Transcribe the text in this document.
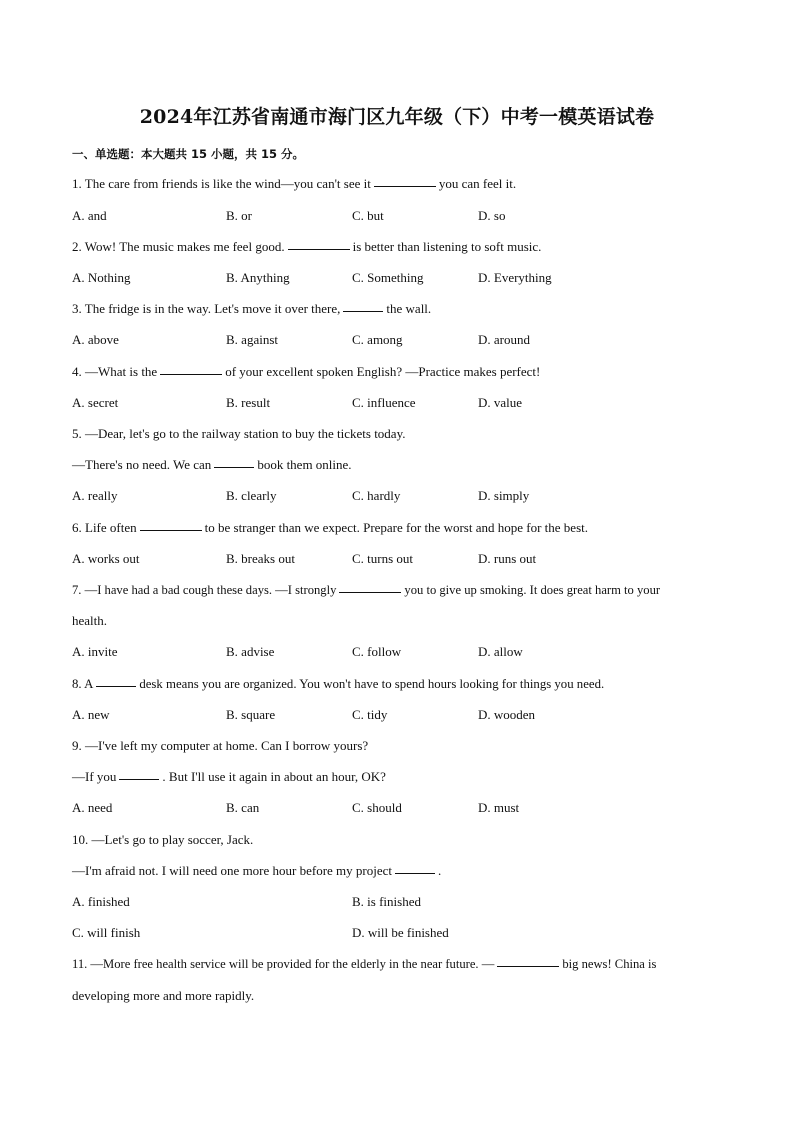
2024年江苏省南通市海门区九年级（下）中考一模英语试卷
一、单选题：本大题共 15 小题，共 15 分。
1. The care from friends is like the wind—you can't see it	you can feel it.
A. and	B. or	C. but	D. so
2. Wow! The music makes me feel good.	is better than listening to soft music.
A. Nothing	B. Anything	C. Something	D. Everything
3. The fridge is in the way. Let's move it over there,	the wall.
A. above	B. against	C. among	D. around
4. —What is the	of your excellent spoken English? —Practice makes perfect!
A. secret	B. result	C. influence	D. value
5. —Dear, let's go to the railway station to buy the tickets today.
—There's no need. We can	book them online.
A. really	B. clearly	C. hardly	D. simply
6. Life often	to be stranger than we expect. Prepare for the worst and hope for the best.
A. works out	B. breaks out	C. turns out	D. runs out
7. —I have had a bad cough these days. —I strongly	you to give up smoking. It does great harm to your
health.
A. invite	B. advise	C. follow	D. allow
8. A	desk means you are organized. You won't have to spend hours looking for things you need.
A. new	B. square	C. tidy	D. wooden
9. —I've left my computer at home. Can I borrow yours?
—If you	. But I'll use it again in about an hour, OK?
A. need	B. can	C. should	D. must
10. —Let's go to play soccer, Jack.
—I'm afraid not. I will need one more hour before my project	.
A. finished	B. is finished
C. will finish	D. will be finished
11. —More free health service will be provided for the elderly in the near future. —	big news! China is
developing more and more rapidly.
